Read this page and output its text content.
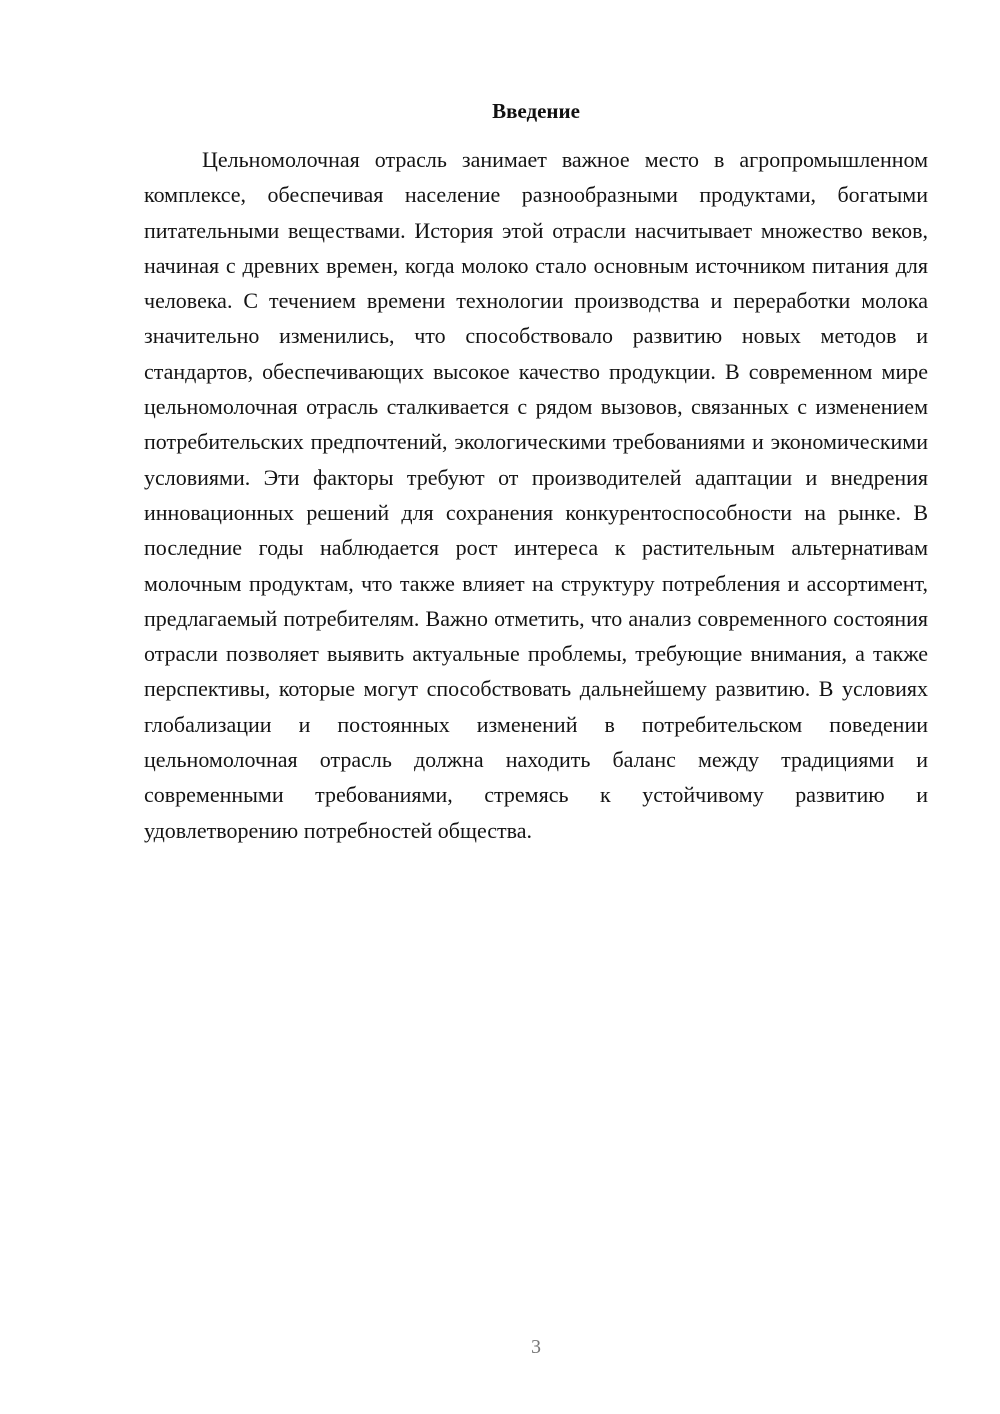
Введение

Цельномолочная отрасль занимает важное место в агропромышленном комплексе, обеспечивая население разнообразными продуктами, богатыми питательными веществами. История этой отрасли насчитывает множество веков, начиная с древних времен, когда молоко стало основным источником питания для человека. С течением времени технологии производства и переработки молока значительно изменились, что способствовало развитию новых методов и стандартов, обеспечивающих высокое качество продукции. В современном мире цельномолочная отрасль сталкивается с рядом вызовов, связанных с изменением потребительских предпочтений, экологическими требованиями и экономическими условиями. Эти факторы требуют от производителей адаптации и внедрения инновационных решений для сохранения конкурентоспособности на рынке. В последние годы наблюдается рост интереса к растительным альтернативам молочным продуктам, что также влияет на структуру потребления и ассортимент, предлагаемый потребителям. Важно отметить, что анализ современного состояния отрасли позволяет выявить актуальные проблемы, требующие внимания, а также перспективы, которые могут способствовать дальнейшему развитию. В условиях глобализации и постоянных изменений в потребительском поведении цельномолочная отрасль должна находить баланс между традициями и современными требованиями, стремясь к устойчивому развитию и удовлетворению потребностей общества.

3
